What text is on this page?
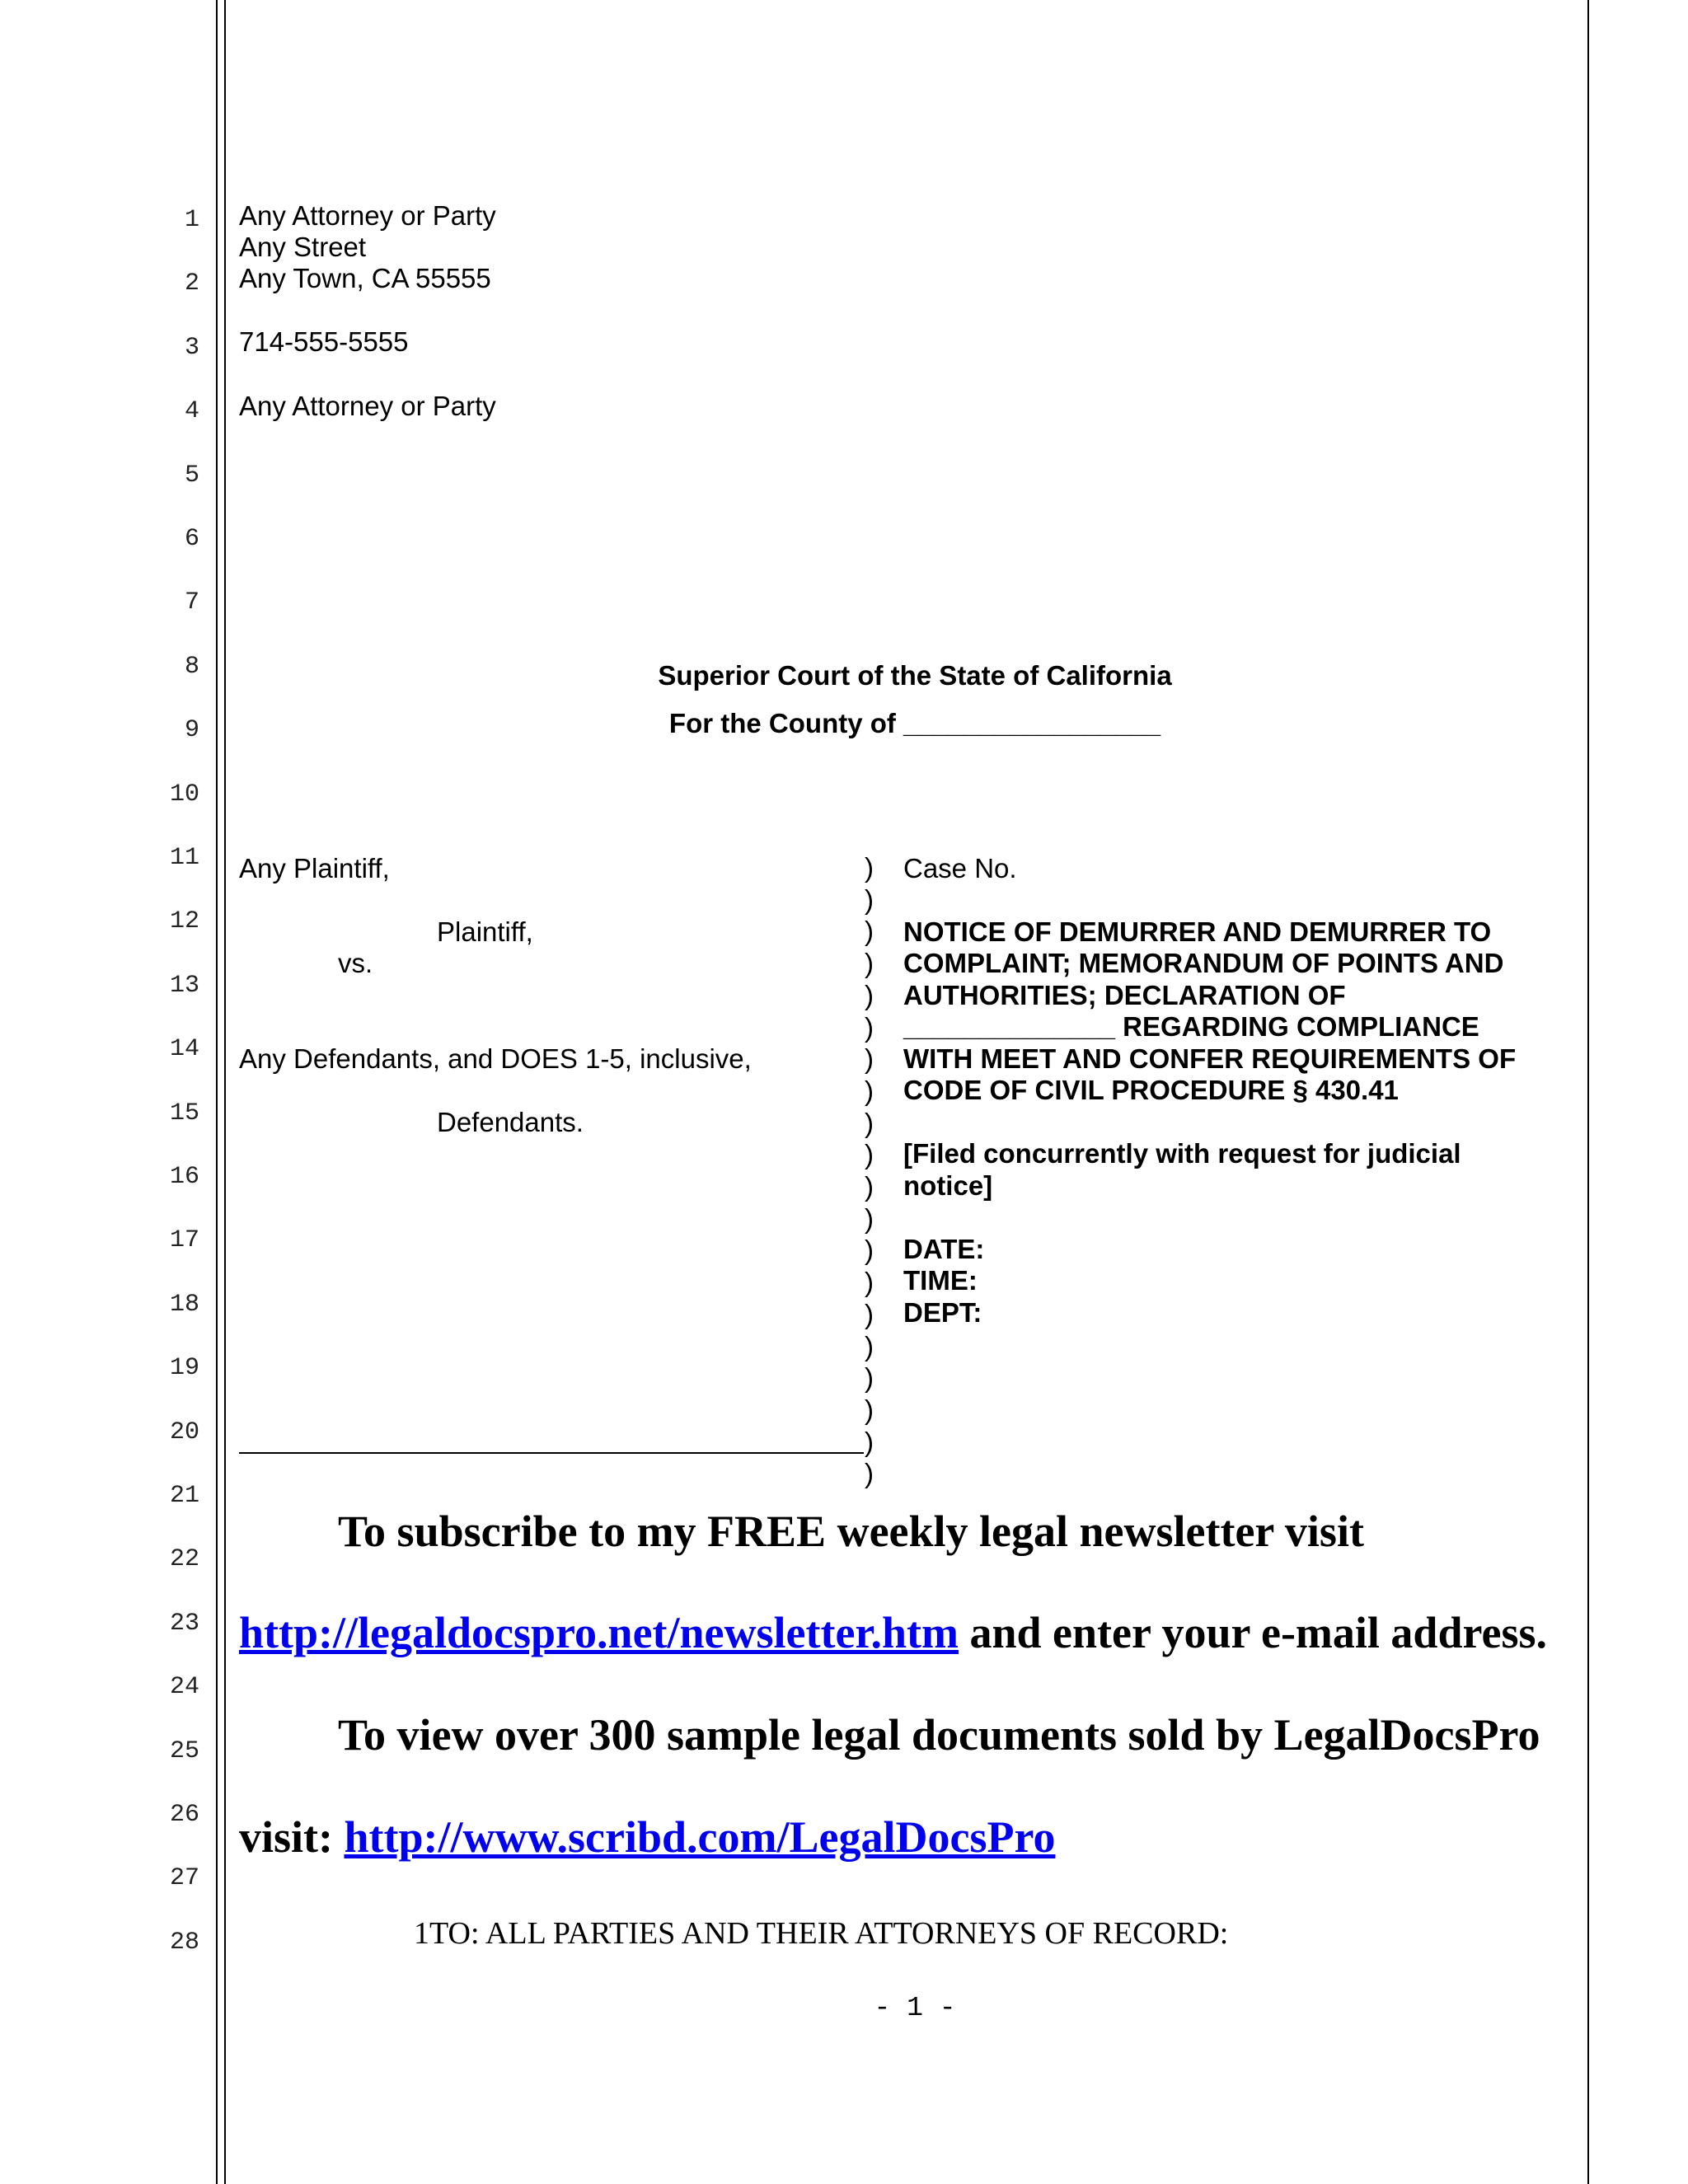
1
2
3
4
5
6
7
8
9
10
11
12
13
14
15
16
17
18
19
20
21
22
23
24
25
26
27
28
Any Attorney or Party
Any Street
Any Town, CA 55555
714-555-5555
Any Attorney or Party
Superior Court of the State of California
For the County of _________________
Any Plaintiff,
Plaintiff,
vs.
Any Defendants, and DOES 1-5, inclusive,
Defendants.
)
)
)
)
)
)
)
)
)
)
)
)
)
)
)
)
)
)
)
)
Case No.
NOTICE OF DEMURRER AND DEMURRER TO
COMPLAINT; MEMORANDUM OF POINTS AND
AUTHORITIES; DECLARATION OF
______________ REGARDING COMPLIANCE
WITH MEET AND CONFER REQUIREMENTS OF
CODE OF CIVIL PROCEDURE § 430.41
[Filed concurrently with request for judicial
notice]
DATE:
TIME:
DEPT:
To subscribe to my FREE weekly legal newsletter visit
http://legaldocspro.net/newsletter.htm and enter your e-mail address.
To view over 300 sample legal documents sold by LegalDocsPro
visit: http://www.scribd.com/LegalDocsPro
1TO: ALL PARTIES AND THEIR ATTORNEYS OF RECORD:
- 1 -
